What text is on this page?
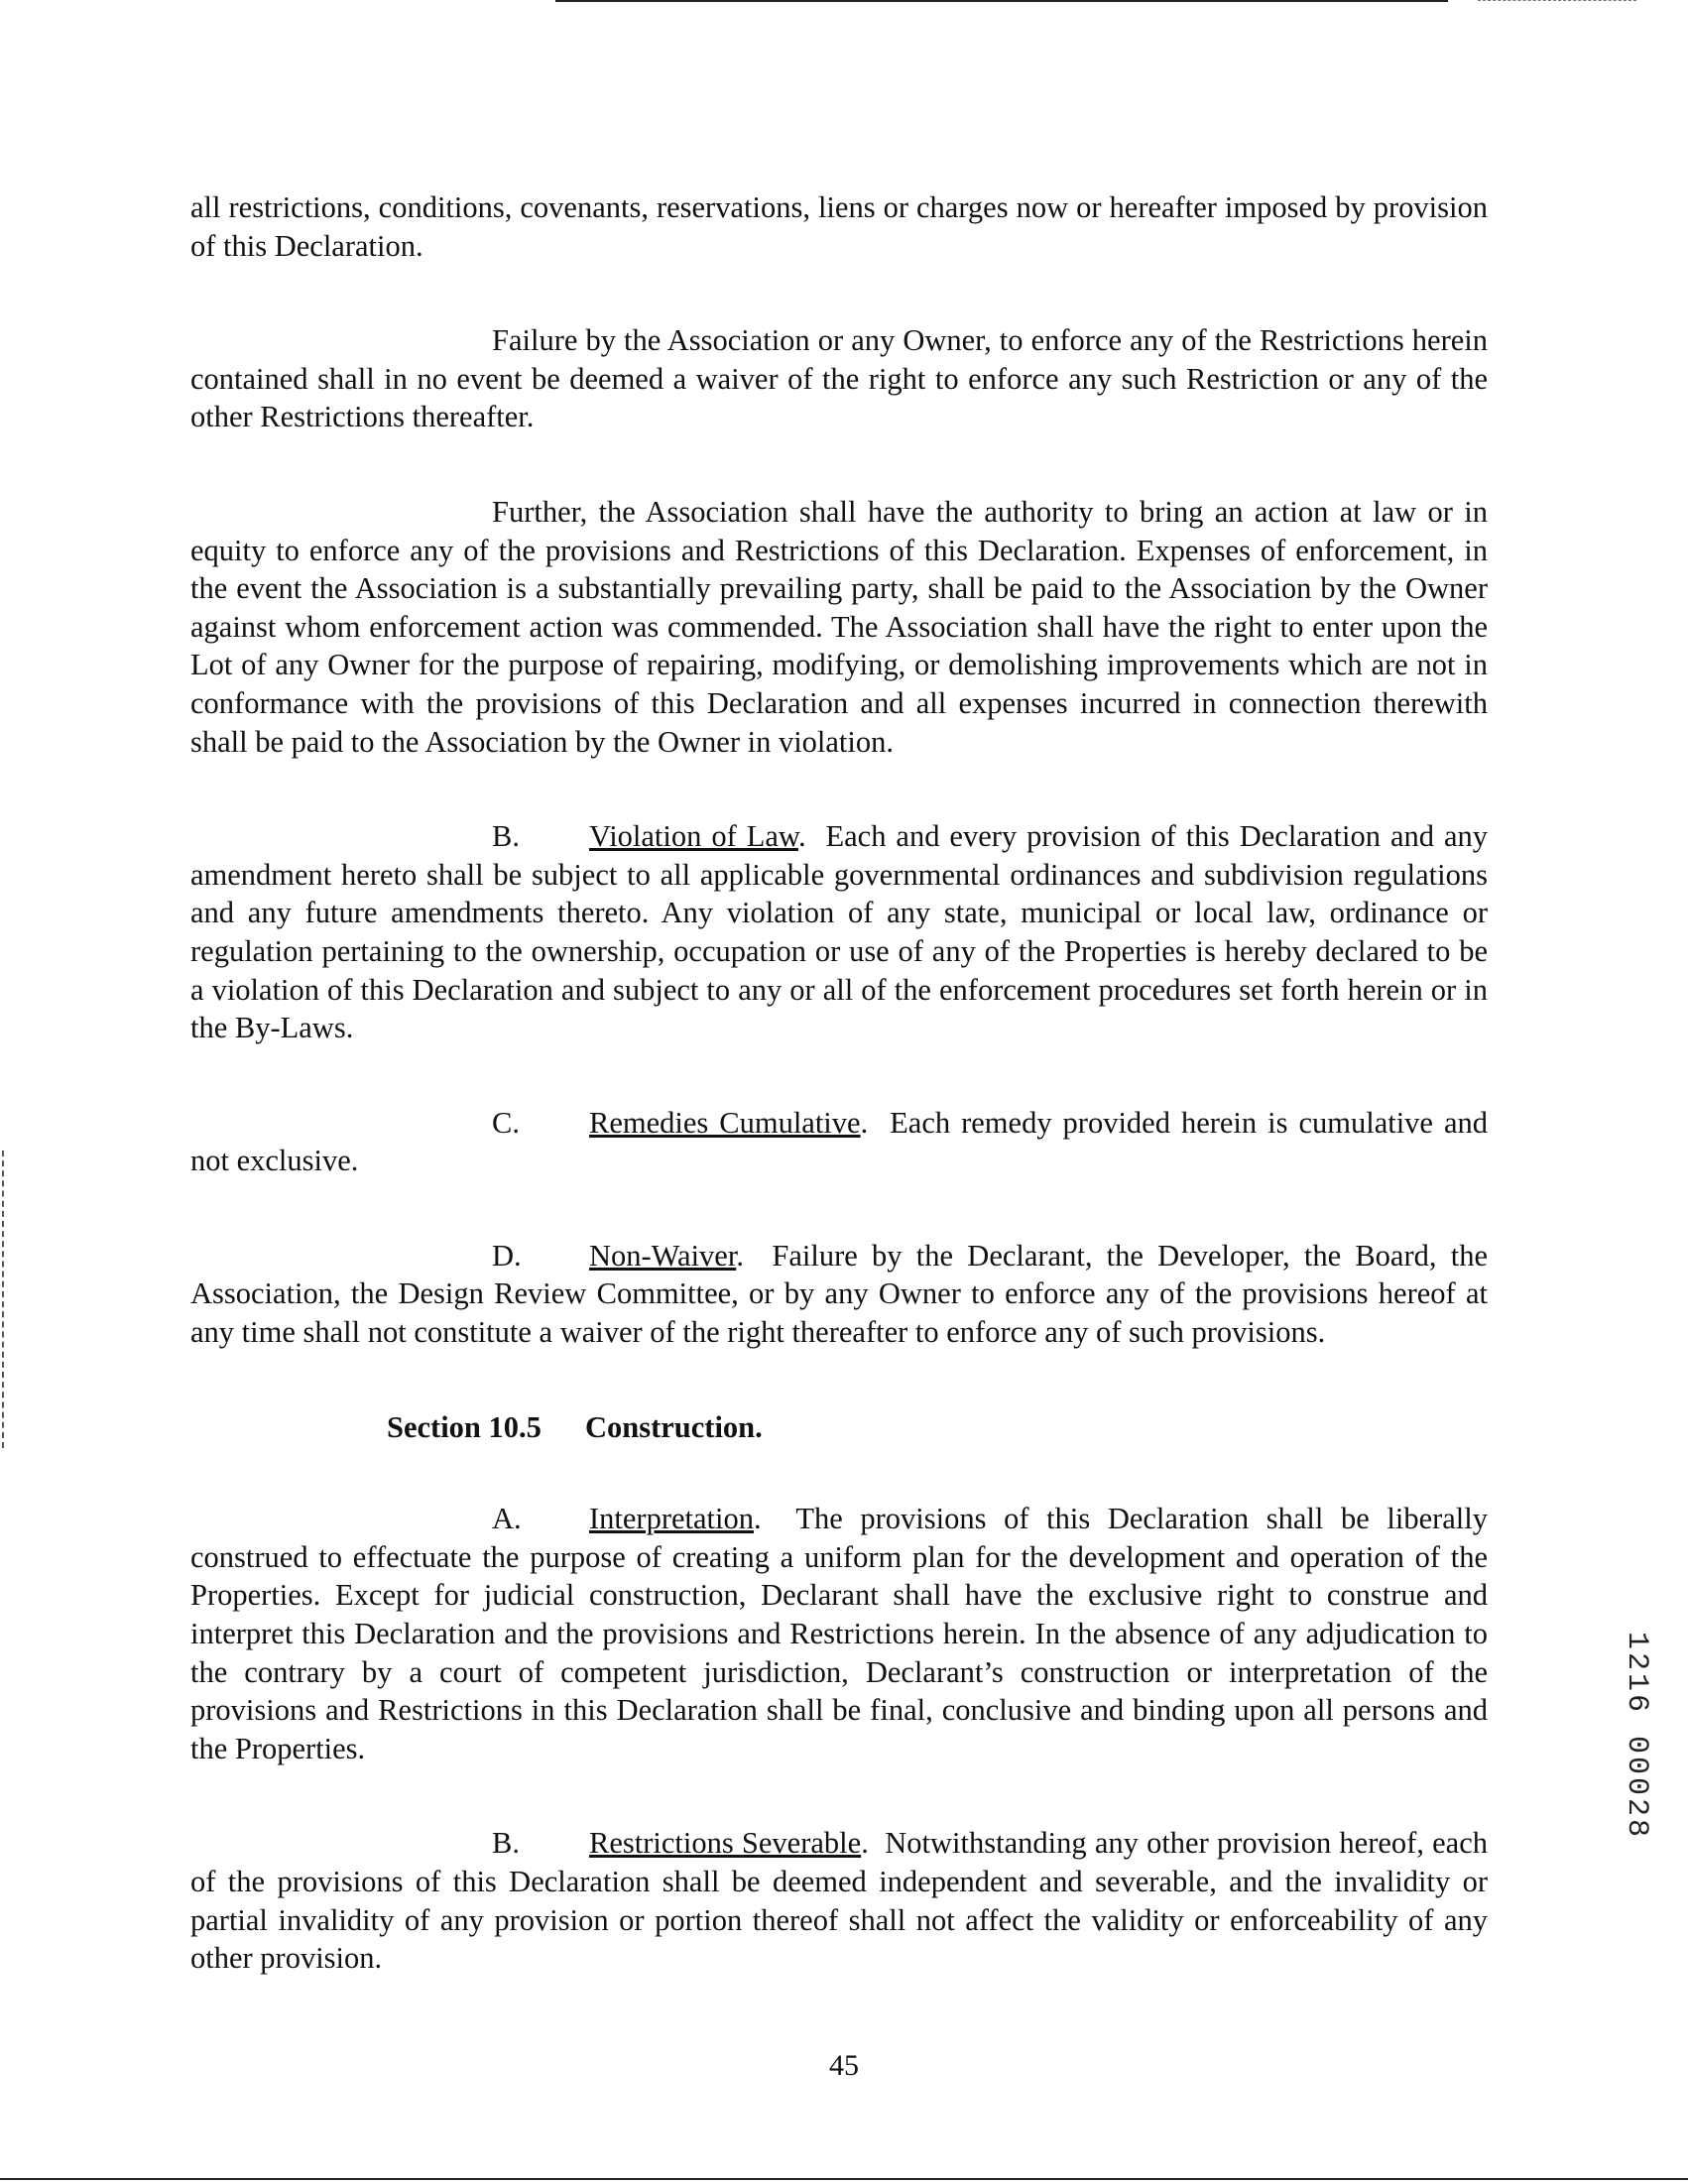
all restrictions, conditions, covenants, reservations, liens or charges now or hereafter imposed by provision of this Declaration.

Failure by the Association or any Owner, to enforce any of the Restrictions herein contained shall in no event be deemed a waiver of the right to enforce any such Restriction or any of the other Restrictions thereafter.

Further, the Association shall have the authority to bring an action at law or in equity to enforce any of the provisions and Restrictions of this Declaration. Expenses of enforcement, in the event the Association is a substantially prevailing party, shall be paid to the Association by the Owner against whom enforcement action was commended. The Association shall have the right to enter upon the Lot of any Owner for the purpose of repairing, modifying, or demolishing improvements which are not in conformance with the provisions of this Declaration and all expenses incurred in connection therewith shall be paid to the Association by the Owner in violation.

B. Violation of Law.  Each and every provision of this Declaration and any amendment hereto shall be subject to all applicable governmental ordinances and subdivision regulations and any future amendments thereto. Any violation of any state, municipal or local law, ordinance or regulation pertaining to the ownership, occupation or use of any of the Properties is hereby declared to be a violation of this Declaration and subject to any or all of the enforcement procedures set forth herein or in the By-Laws.

C. Remedies Cumulative.  Each remedy provided herein is cumulative and not exclusive.

D. Non-Waiver.  Failure by the Declarant, the Developer, the Board, the Association, the Design Review Committee, or by any Owner to enforce any of the provisions hereof at any time shall not constitute a waiver of the right thereafter to enforce any of such provisions.

Section 10.5 Construction.

A. Interpretation.  The provisions of this Declaration shall be liberally construed to effectuate the purpose of creating a uniform plan for the development and operation of the Properties. Except for judicial construction, Declarant shall have the exclusive right to construe and interpret this Declaration and the provisions and Restrictions herein. In the absence of any adjudication to the contrary by a court of competent jurisdiction, Declarant’s construction or interpretation of the provisions and Restrictions in this Declaration shall be final, conclusive and binding upon all persons and the Properties.

B. Restrictions Severable.  Notwithstanding any other provision hereof, each of the provisions of this Declaration shall be deemed independent and severable, and the invalidity or partial invalidity of any provision or portion thereof shall not affect the validity or enforceability of any other provision.

45
1216 00028
